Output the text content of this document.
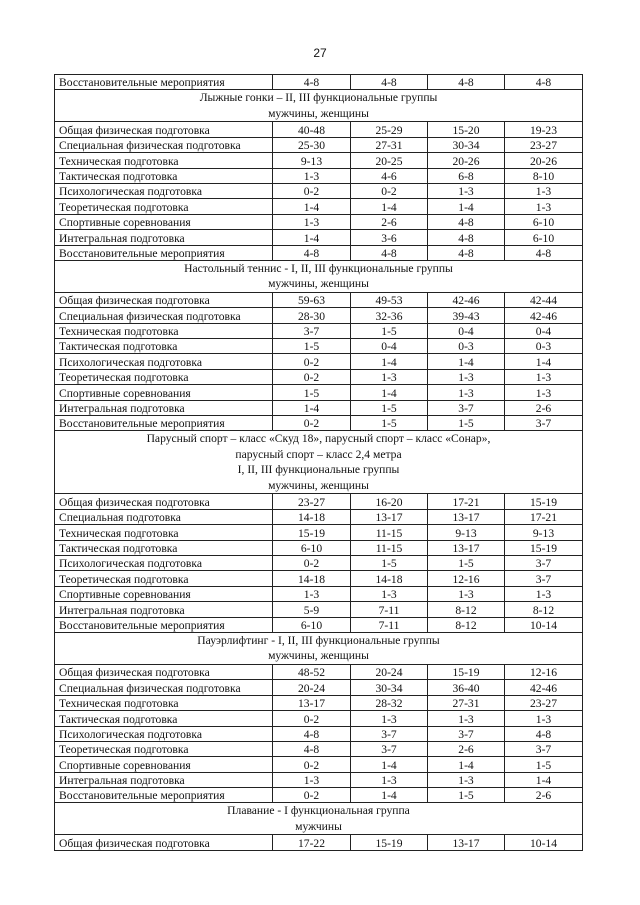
27
Восстановительные мероприятия	4-8	4-8	4-8	4-8

Лыжные гонки – II, III функциональные группы
мужчины, женщины				

Общая физическая подготовка	40-48	25-29	15-20	19-23
Специальная физическая подготовка	25-30	27-31	30-34	23-27
Техническая подготовка	9-13	20-25	20-26	20-26
Тактическая подготовка	1-3	4-6	6-8	8-10
Психологическая подготовка	0-2	0-2	1-3	1-3
Теоретическая подготовка	1-4	1-4	1-4	1-3
Спортивные соревнования	1-3	2-6	4-8	6-10
Интегральная подготовка	1-4	3-6	4-8	6-10
Восстановительные мероприятия	4-8	4-8	4-8	4-8

Настольный теннис - I, II, III функциональные группы
мужчины, женщины				

Общая физическая подготовка	59-63	49-53	42-46	42-44
Специальная физическая подготовка	28-30	32-36	39-43	42-46
Техническая подготовка	3-7	1-5	0-4	0-4
Тактическая подготовка	1-5	0-4	0-3	0-3
Психологическая подготовка	0-2	1-4	1-4	1-4
Теоретическая подготовка	0-2	1-3	1-3	1-3
Спортивные соревнования	1-5	1-4	1-3	1-3
Интегральная подготовка	1-4	1-5	3-7	2-6
Восстановительные мероприятия	0-2	1-5	1-5	3-7

Парусный спорт – класс «Скуд 18», парусный спорт – класс «Сонар»,
парусный спорт – класс 2,4 метра
I, II, III функциональные группы
мужчины, женщины				

Общая физическая подготовка	23-27	16-20	17-21	15-19
Специальная подготовка	14-18	13-17	13-17	17-21
Техническая подготовка	15-19	11-15	9-13	9-13
Тактическая подготовка	6-10	11-15	13-17	15-19
Психологическая подготовка	0-2	1-5	1-5	3-7
Теоретическая подготовка	14-18	14-18	12-16	3-7
Спортивные соревнования	1-3	1-3	1-3	1-3
Интегральная подготовка	5-9	7-11	8-12	8-12
Восстановительные мероприятия	6-10	7-11	8-12	10-14

Пауэрлифтинг - I, II, III функциональные группы
мужчины, женщины				

Общая физическая подготовка	48-52	20-24	15-19	12-16
Специальная физическая подготовка	20-24	30-34	36-40	42-46
Техническая подготовка	13-17	28-32	27-31	23-27
Тактическая подготовка	0-2	1-3	1-3	1-3
Психологическая подготовка	4-8	3-7	3-7	4-8
Теоретическая подготовка	4-8	3-7	2-6	3-7
Спортивные соревнования	0-2	1-4	1-4	1-5
Интегральная подготовка	1-3	1-3	1-3	1-4
Восстановительные мероприятия	0-2	1-4	1-5	2-6

Плавание - I функциональная группа
мужчины				

Общая физическая подготовка	17-22	15-19	13-17	10-14
